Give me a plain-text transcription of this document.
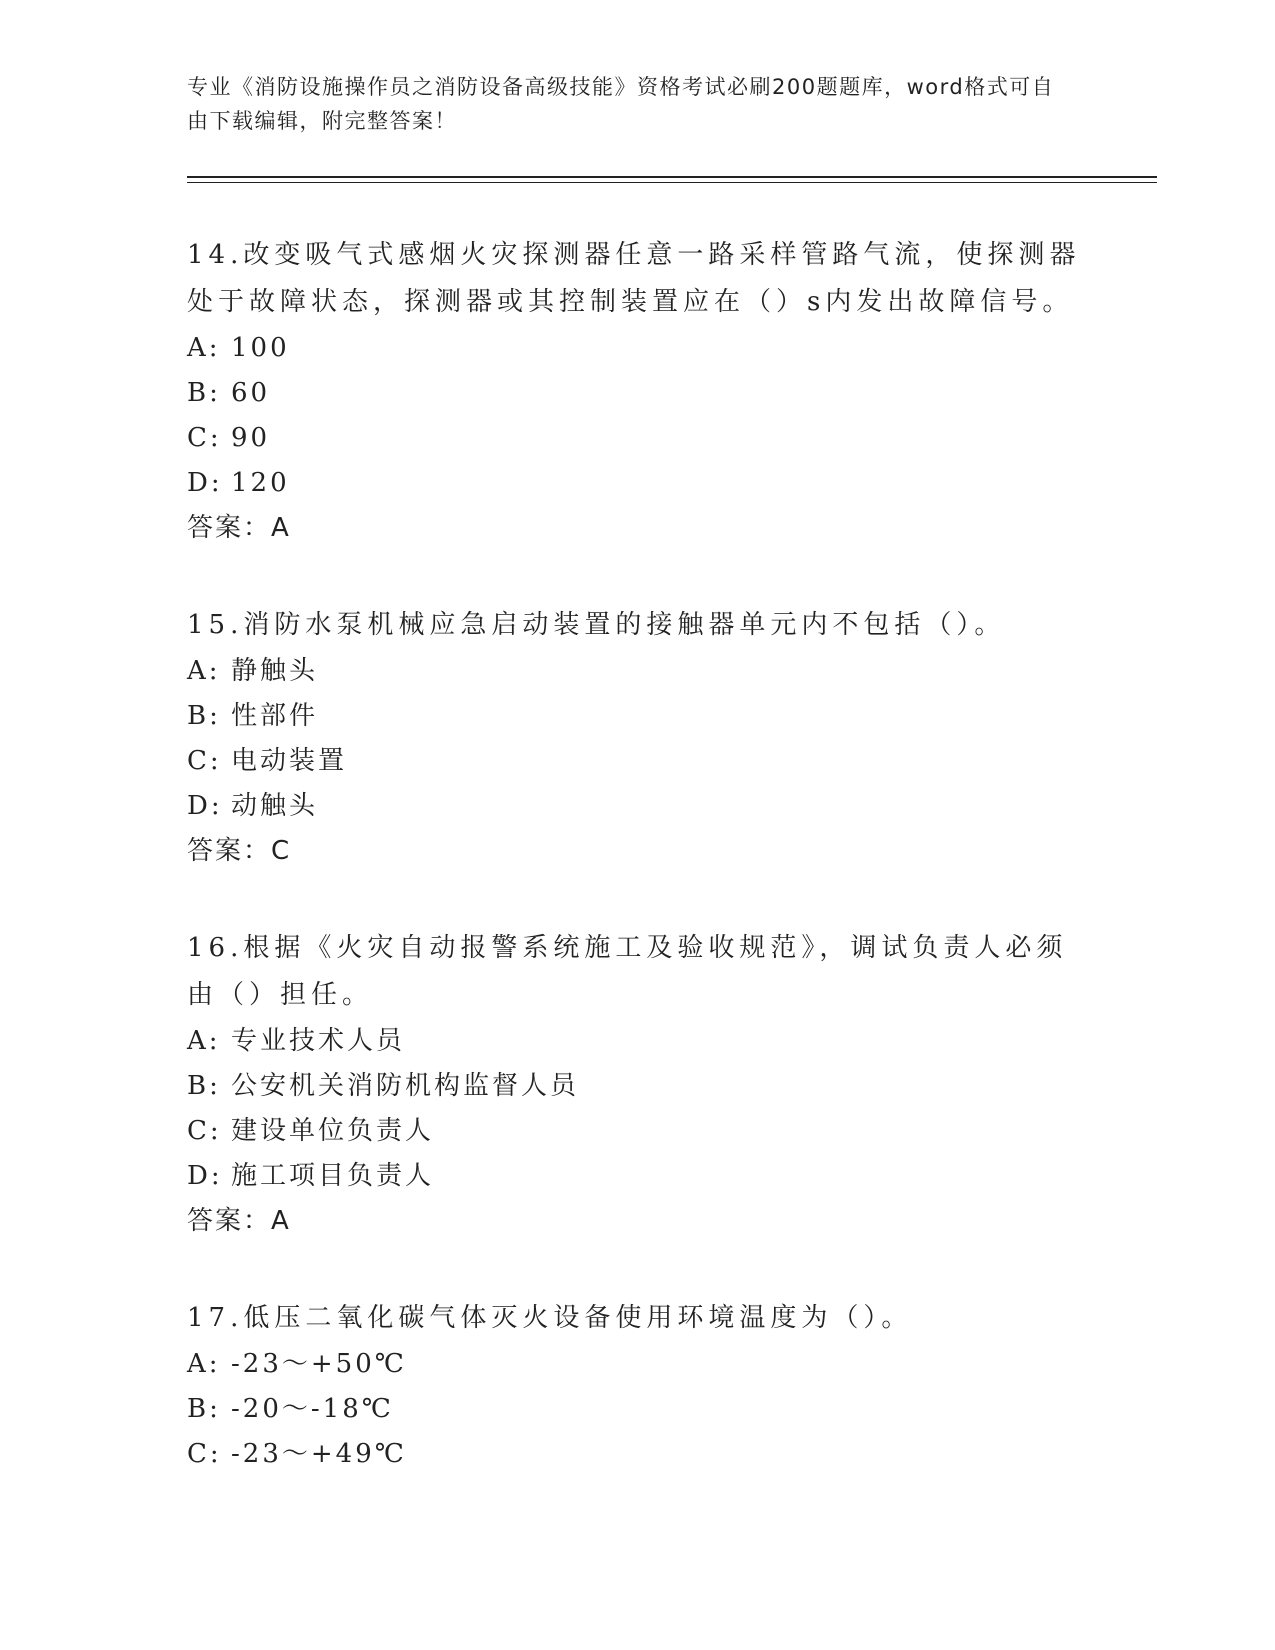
专业《消防设施操作员之消防设备高级技能》资格考试必刷200题题库，word格式可自由下载编辑，附完整答案！

14.改变吸气式感烟火灾探测器任意一路采样管路气流，使探测器处于故障状态，探测器或其控制装置应在（）s内发出故障信号。

A: 100

B: 60

C: 90

D: 120

答案：A

15.消防水泵机械应急启动装置的接触器单元内不包括（）。

A: 静触头

B: 性部件

C: 电动装置

D: 动触头

答案：C

16.根据《火灾自动报警系统施工及验收规范》，调试负责人必须由（）担任。

A: 专业技术人员

B: 公安机关消防机构监督人员

C: 建设单位负责人

D: 施工项目负责人

答案：A

17.低压二氧化碳气体灭火设备使用环境温度为（）。

A: -23～+50℃

B: -20～-18℃

C: -23～+49℃
